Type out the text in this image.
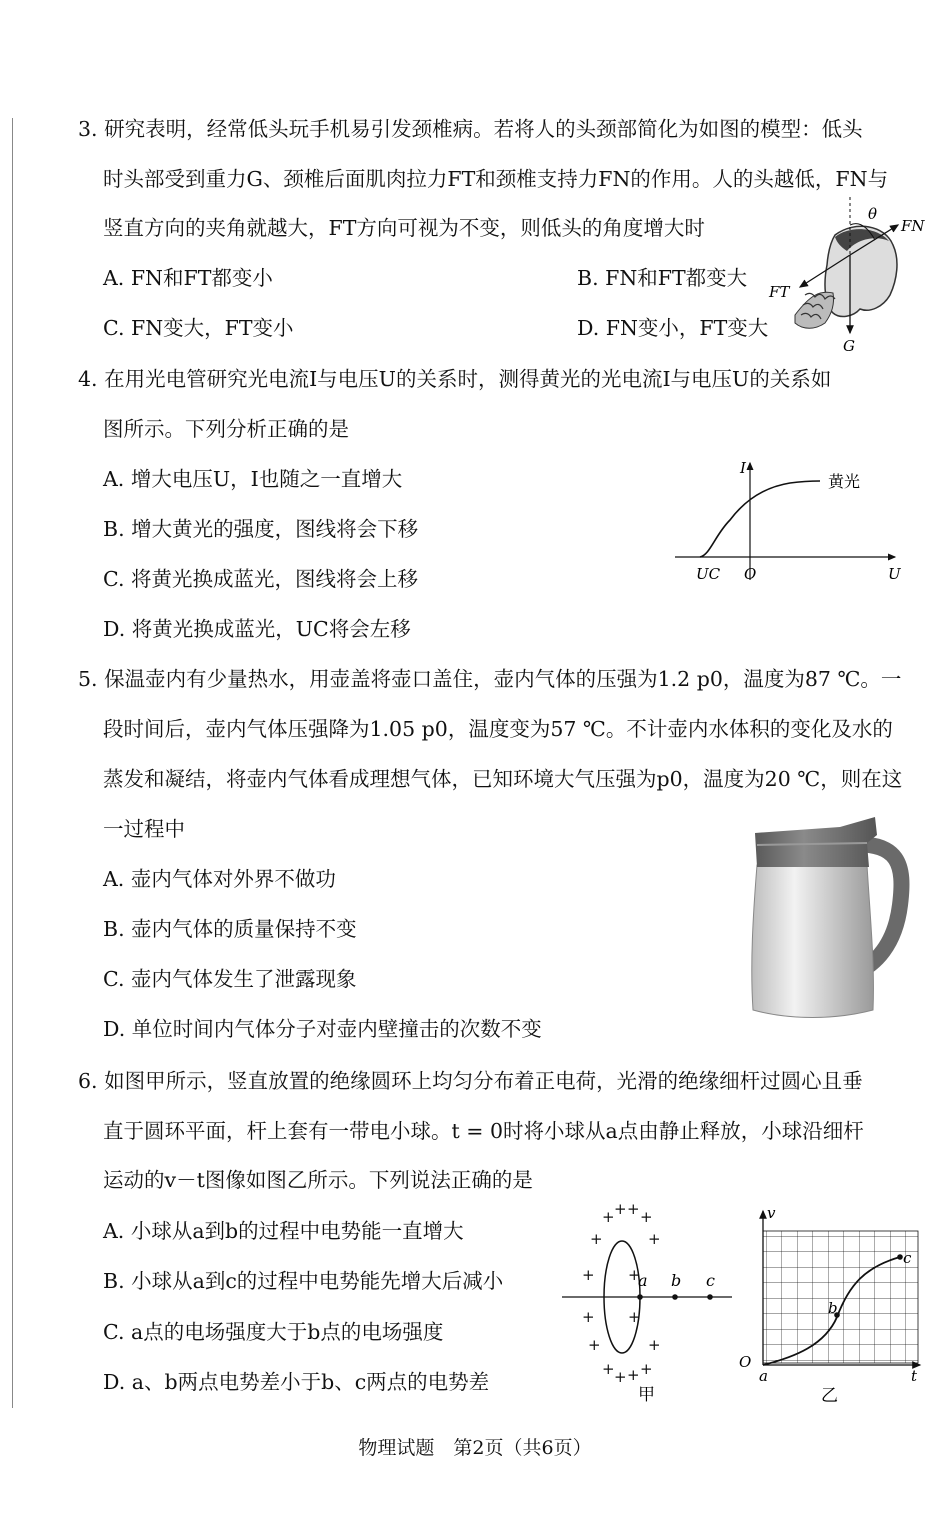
3. 研究表明，经常低头玩手机易引发颈椎病。若将人的头颈部简化为如图的模型：低头
时头部受到重力G、颈椎后面肌肉拉力FT和颈椎支持力FN的作用。人的头越低，FN与
竖直方向的夹角就越大，FT方向可视为不变，则低头的角度增大时
A. FN和FT都变小	B. FN和FT都变大
C. FN变大，FT变小	D. FN变小，FT变大
θ
FN
FT
G
4. 在用光电管研究光电流I与电压U的关系时，测得黄光的光电流I与电压U的关系如
图所示。下列分析正确的是
A. 增大电压U，I也随之一直增大
B. 增大黄光的强度，图线将会下移
C. 将黄光换成蓝光，图线将会上移
D. 将黄光换成蓝光，UC将会左移
I
U
O
UC
黄光
5. 保温壶内有少量热水，用壶盖将壶口盖住，壶内气体的压强为1.2 p0，温度为87 ℃。一
段时间后，壶内气体压强降为1.05 p0，温度变为57 ℃。不计壶内水体积的变化及水的
蒸发和凝结，将壶内气体看成理想气体，已知环境大气压强为p0，温度为20 ℃，则在这
一过程中
A. 壶内气体对外界不做功
B. 壶内气体的质量保持不变
C. 壶内气体发生了泄露现象
D. 单位时间内气体分子对壶内壁撞击的次数不变
6. 如图甲所示，竖直放置的绝缘圆环上均匀分布着正电荷，光滑的绝缘细杆过圆心且垂
直于圆环平面，杆上套有一带电小球。t = 0时将小球从a点由静止释放，小球沿细杆
运动的v－t图像如图乙所示。下列说法正确的是
A. 小球从a到b的过程中电势能一直增大
B. 小球从a到c的过程中电势能先增大后减小
C. a点的电场强度大于b点的电场强度
D. a、b两点电势差小于b、c两点的电势差
+ + + +
+	+
+ +
+ +
+	+
+ + + +
a b c
甲
v
t
O
a
b
c
乙
物理试题　第2页（共6页）
